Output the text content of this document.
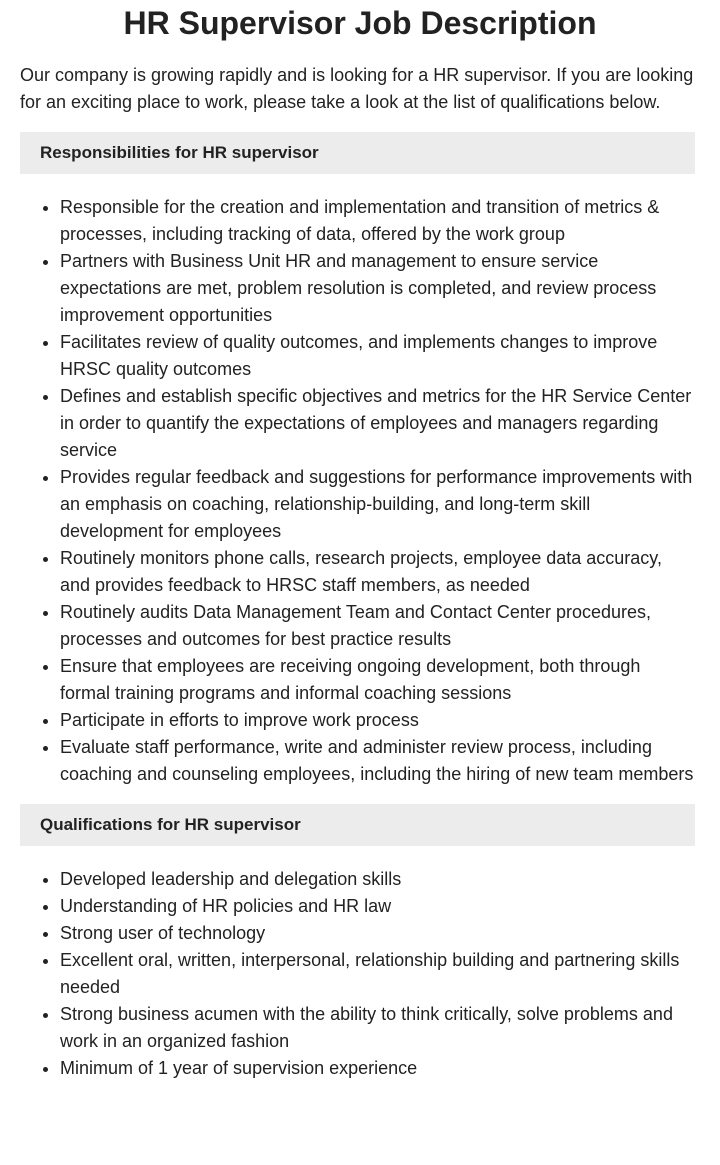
HR Supervisor Job Description

Our company is growing rapidly and is looking for a HR supervisor. If you are looking for an exciting place to work, please take a look at the list of qualifications below.

Responsibilities for HR supervisor
• Responsible for the creation and implementation and transition of metrics & processes, including tracking of data, offered by the work group
• Partners with Business Unit HR and management to ensure service expectations are met, problem resolution is completed, and review process improvement opportunities
• Facilitates review of quality outcomes, and implements changes to improve HRSC quality outcomes
• Defines and establish specific objectives and metrics for the HR Service Center in order to quantify the expectations of employees and managers regarding service
• Provides regular feedback and suggestions for performance improvements with an emphasis on coaching, relationship-building, and long-term skill development for employees
• Routinely monitors phone calls, research projects, employee data accuracy, and provides feedback to HRSC staff members, as needed
• Routinely audits Data Management Team and Contact Center procedures, processes and outcomes for best practice results
• Ensure that employees are receiving ongoing development, both through formal training programs and informal coaching sessions
• Participate in efforts to improve work process
• Evaluate staff performance, write and administer review process, including coaching and counseling employees, including the hiring of new team members
Qualifications for HR supervisor
• Developed leadership and delegation skills
• Understanding of HR policies and HR law
• Strong user of technology
• Excellent oral, written, interpersonal, relationship building and partnering skills needed
• Strong business acumen with the ability to think critically, solve problems and work in an organized fashion
• Minimum of 1 year of supervision experience
